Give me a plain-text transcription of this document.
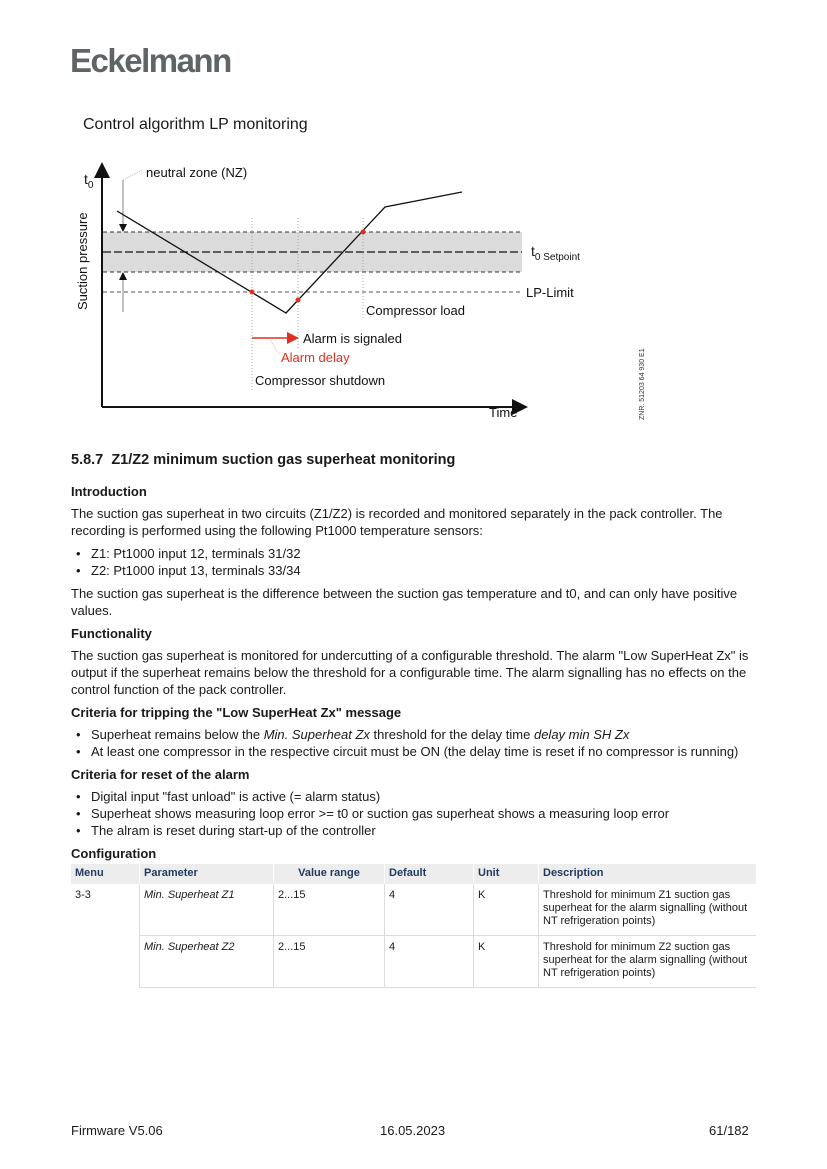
Eckelmann
Control algorithm LP monitoring
$t_0$
Suction pressure
neutral zone (NZ)
$t_{0 Setpoint}$
LP-Limit
Compressor load
Alarm is signaled
Alarm delay
Compressor shutdown
Time	ZNR. 51203 64 930 E1
5.8.7 Z1/Z2 minimum suction gas superheat monitoring
Introduction

The suction gas superheat in two circuits (Z1/Z2) is recorded and monitored separately in the pack controller. The recording is performed using the following Pt1000 temperature sensors:

• Z1: Pt1000 input 12, terminals 31/32
• Z2: Pt1000 input 13, terminals 33/34

The suction gas superheat is the difference between the suction gas temperature and t0, and can only have positive values.

Functionality

The suction gas superheat is monitored for undercutting of a configurable threshold. The alarm "Low SuperHeat Zx" is output if the superheat remains below the threshold for a configurable time. The alarm signalling has no effects on the control function of the pack controller.

Criteria for tripping the "Low SuperHeat Zx" message
• Superheat remains below the Min. Superheat Zx threshold for the delay time delay min SH Zx
• At least one compressor in the respective circuit must be ON (the delay time is reset if no compressor is running)
Criteria for reset of the alarm
• Digital input "fast unload" is active (= alarm status)
• Superheat shows measuring loop error >= t0 or suction gas superheat shows a measuring loop error
• The alram is reset during start-up of the controller
Configuration
Menu	Parameter	Value range	Default	Unit	Description
3-3	Min. Superheat Z1	2...15	4	K	Threshold for minimum Z1 suction gas superheat for the alarm signalling (without NT refrigeration points)
	Min. Superheat Z2	2...15	4	K	Threshold for minimum Z2 suction gas superheat for the alarm signalling (without NT refrigeration points)
Firmware V5.06	16.05.2023	61/182
